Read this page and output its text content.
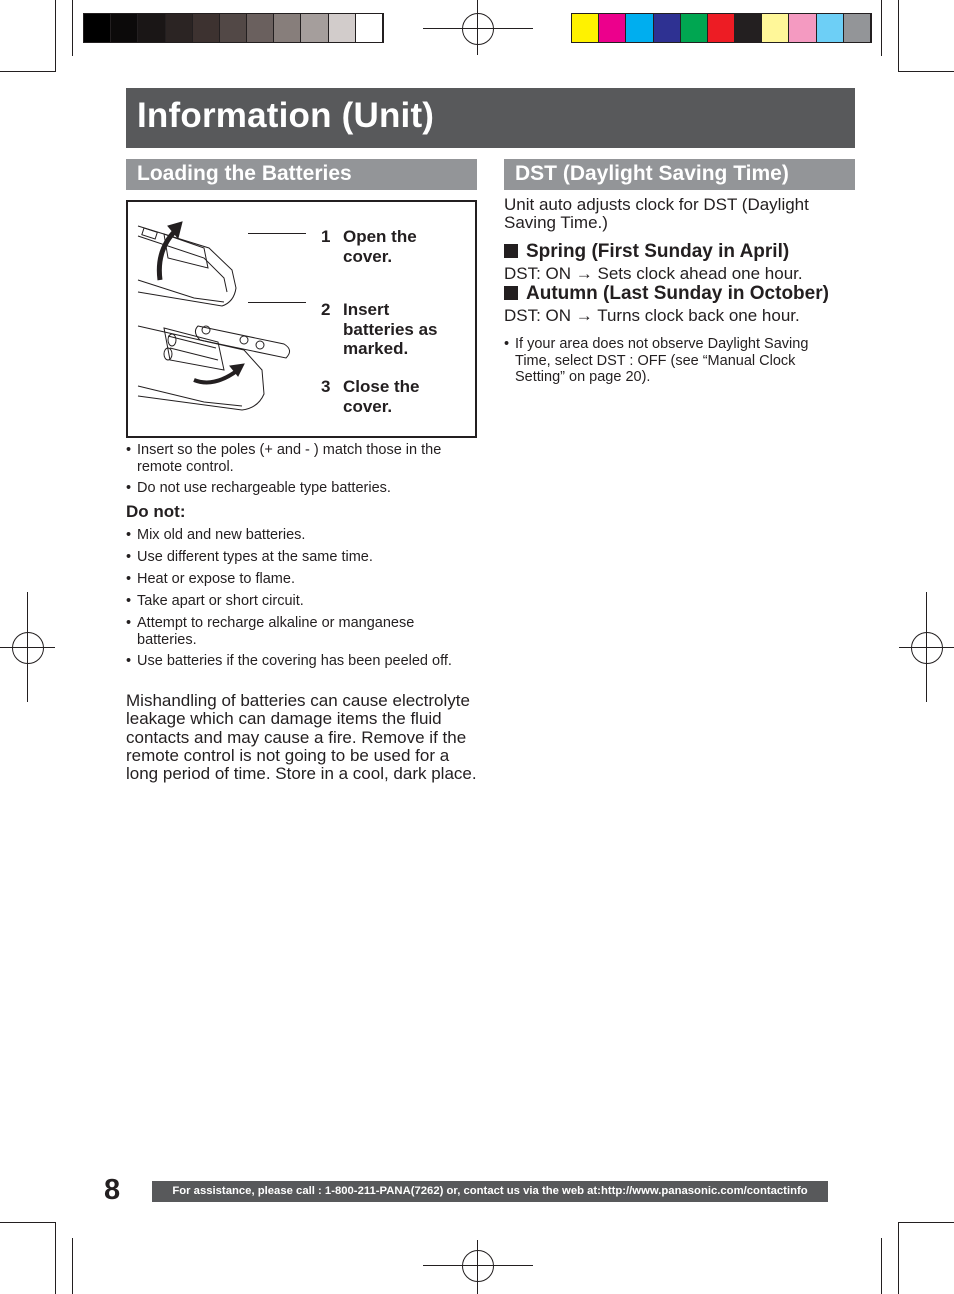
Information (Unit)
Loading the Batteries
1 Open the cover.
2 Insert batteries as marked.
3 Close the cover.
• Insert so the poles (+ and - ) match those in the remote control.
• Do not use rechargeable type batteries.
Do not:
• Mix old and new batteries.
• Use different types at the same time.
• Heat or expose to flame.
• Take apart or short circuit.
• Attempt to recharge alkaline or manganese batteries.
• Use batteries if the covering has been peeled off.
Mishandling of batteries can cause electrolyte leakage which can damage items the fluid contacts and may cause a fire. Remove if the remote control is not going to be used for a long period of time. Store in a cool, dark place.
DST (Daylight Saving Time)
Unit auto adjusts clock for DST (Daylight Saving Time.)
Spring (First Sunday in April)
DST: ON → Sets clock ahead one hour.
Autumn (Last Sunday in October)
DST: ON → Turns clock back one hour.
• If your area does not observe Daylight Saving Time, select DST : OFF (see “Manual Clock Setting” on page 20).
8	For assistance, please call : 1-800-211-PANA(7262) or, contact us via the web at:http://www.panasonic.com/contactinfo
